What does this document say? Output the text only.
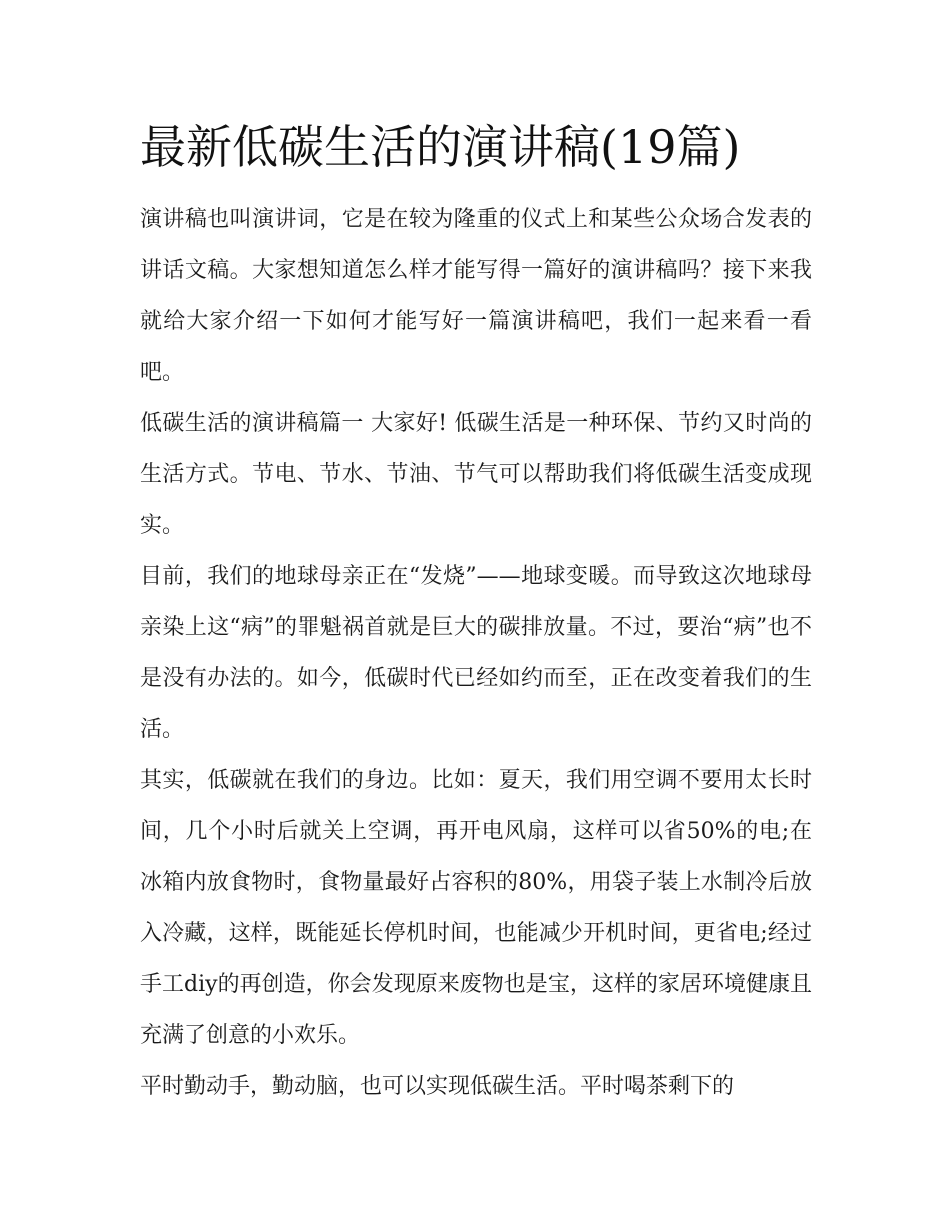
最新低碳生活的演讲稿(19篇)

演讲稿也叫演讲词，它是在较为隆重的仪式上和某些公众场合发表的讲话文稿。大家想知道怎么样才能写得一篇好的演讲稿吗？接下来我就给大家介绍一下如何才能写好一篇演讲稿吧，我们一起来看一看吧。

低碳生活的演讲稿篇一 大家好! 低碳生活是一种环保、节约又时尚的生活方式。节电、节水、节油、节气可以帮助我们将低碳生活变成现实。

目前，我们的地球母亲正在“发烧”——地球变暖。而导致这次地球母亲染上这“病”的罪魁祸首就是巨大的碳排放量。不过，要治“病”也不是没有办法的。如今，低碳时代已经如约而至，正在改变着我们的生活。

其实，低碳就在我们的身边。比如：夏天，我们用空调不要用太长时间，几个小时后就关上空调，再开电风扇，这样可以省50%的电;在冰箱内放食物时，食物量最好占容积的80%，用袋子装上水制冷后放入冷藏，这样，既能延长停机时间，也能减少开机时间，更省电;经过手工diy的再创造，你会发现原来废物也是宝，这样的家居环境健康且充满了创意的小欢乐。

平时勤动手，勤动脑，也可以实现低碳生活。平时喝茶剩下的
